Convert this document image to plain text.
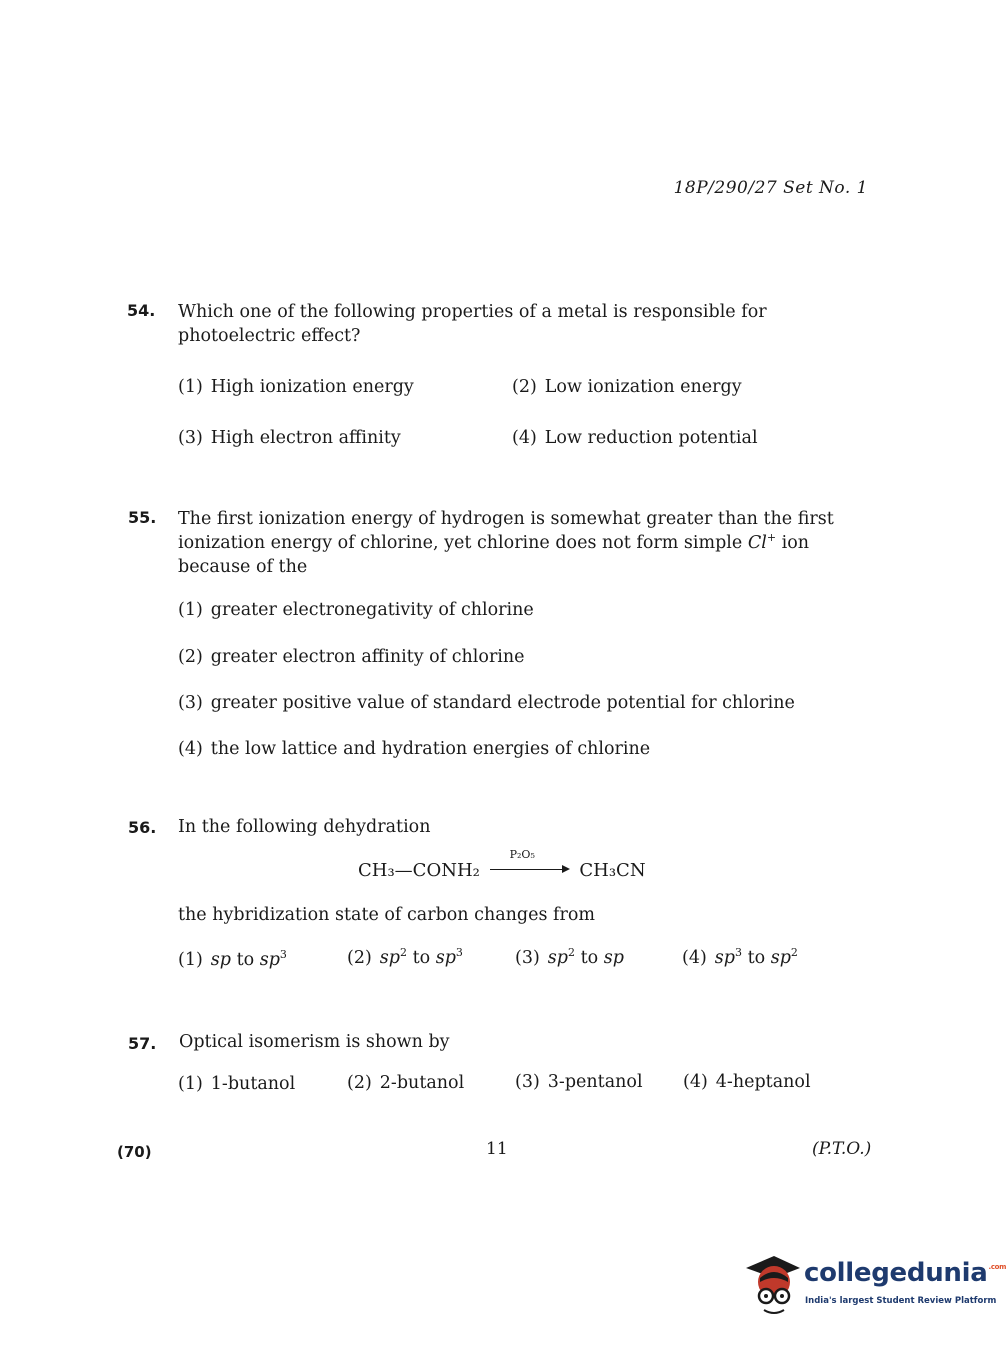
18P/290/27 Set No. 1
54. Which one of the following properties of a metal is responsible for photoelectric effect?
(1) High ionization energy	(2) Low ionization energy
(3) High electron affinity	(4) Low reduction potential
55. The first ionization energy of hydrogen is somewhat greater than the first ionization energy of chlorine, yet chlorine does not form simple Cl+ ion because of the
(1) greater electronegativity of chlorine
(2) greater electron affinity of chlorine
(3) greater positive value of standard electrode potential for chlorine
(4) the low lattice and hydration energies of chlorine
56. In the following dehydration
CH₃—CONH₂
P₂O₅
CH₃CN
the hybridization state of carbon changes from
(1) sp to $sp^3$	(2) $sp^2$ to $sp^3$	(3) $sp^2$ to sp	(4) $sp^3$ to $sp^2$
57. Optical isomerism is shown by
(1) 1-butanol	(2) 2-butanol	(3) 3-pentanol (4) 4-heptanol
(70)	11	(P.T.O.)
collegedunia$^{.com}$
India's largest Student Review Platform
